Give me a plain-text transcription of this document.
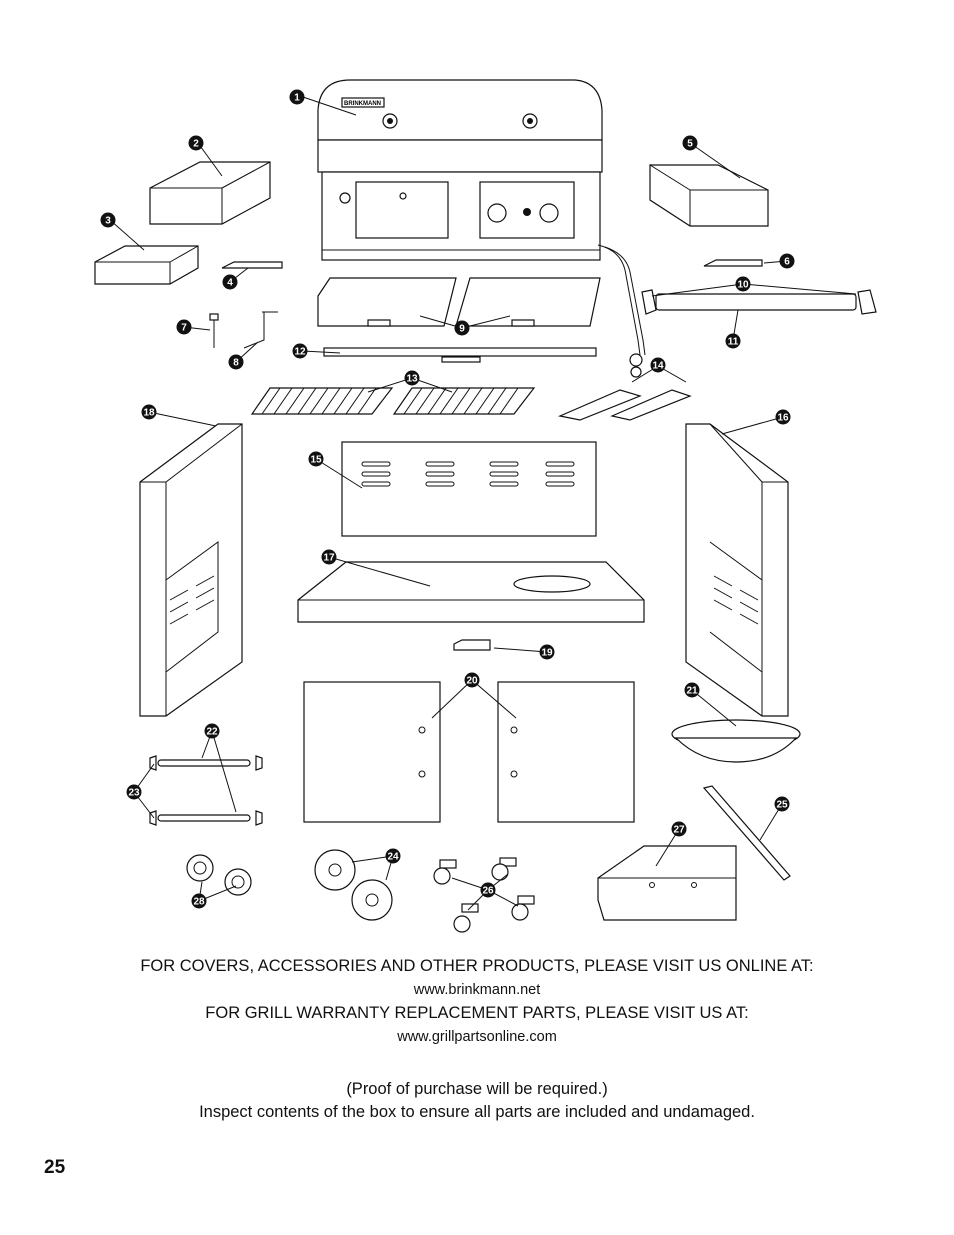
BRINKMANN
1
2
3
4
5
6
7
8
9
10
11
12
13
14
15
16
17
18
19
20
21
22
23
24
25
26
27
28

FOR COVERS, ACCESSORIES AND OTHER PRODUCTS, PLEASE VISIT US ONLINE AT:

www.brinkmann.net

FOR GRILL WARRANTY REPLACEMENT PARTS, PLEASE VISIT US AT:

www.grillpartsonline.com

(Proof of purchase will be required.)

Inspect contents of the box to ensure all parts are included and undamaged.

25
